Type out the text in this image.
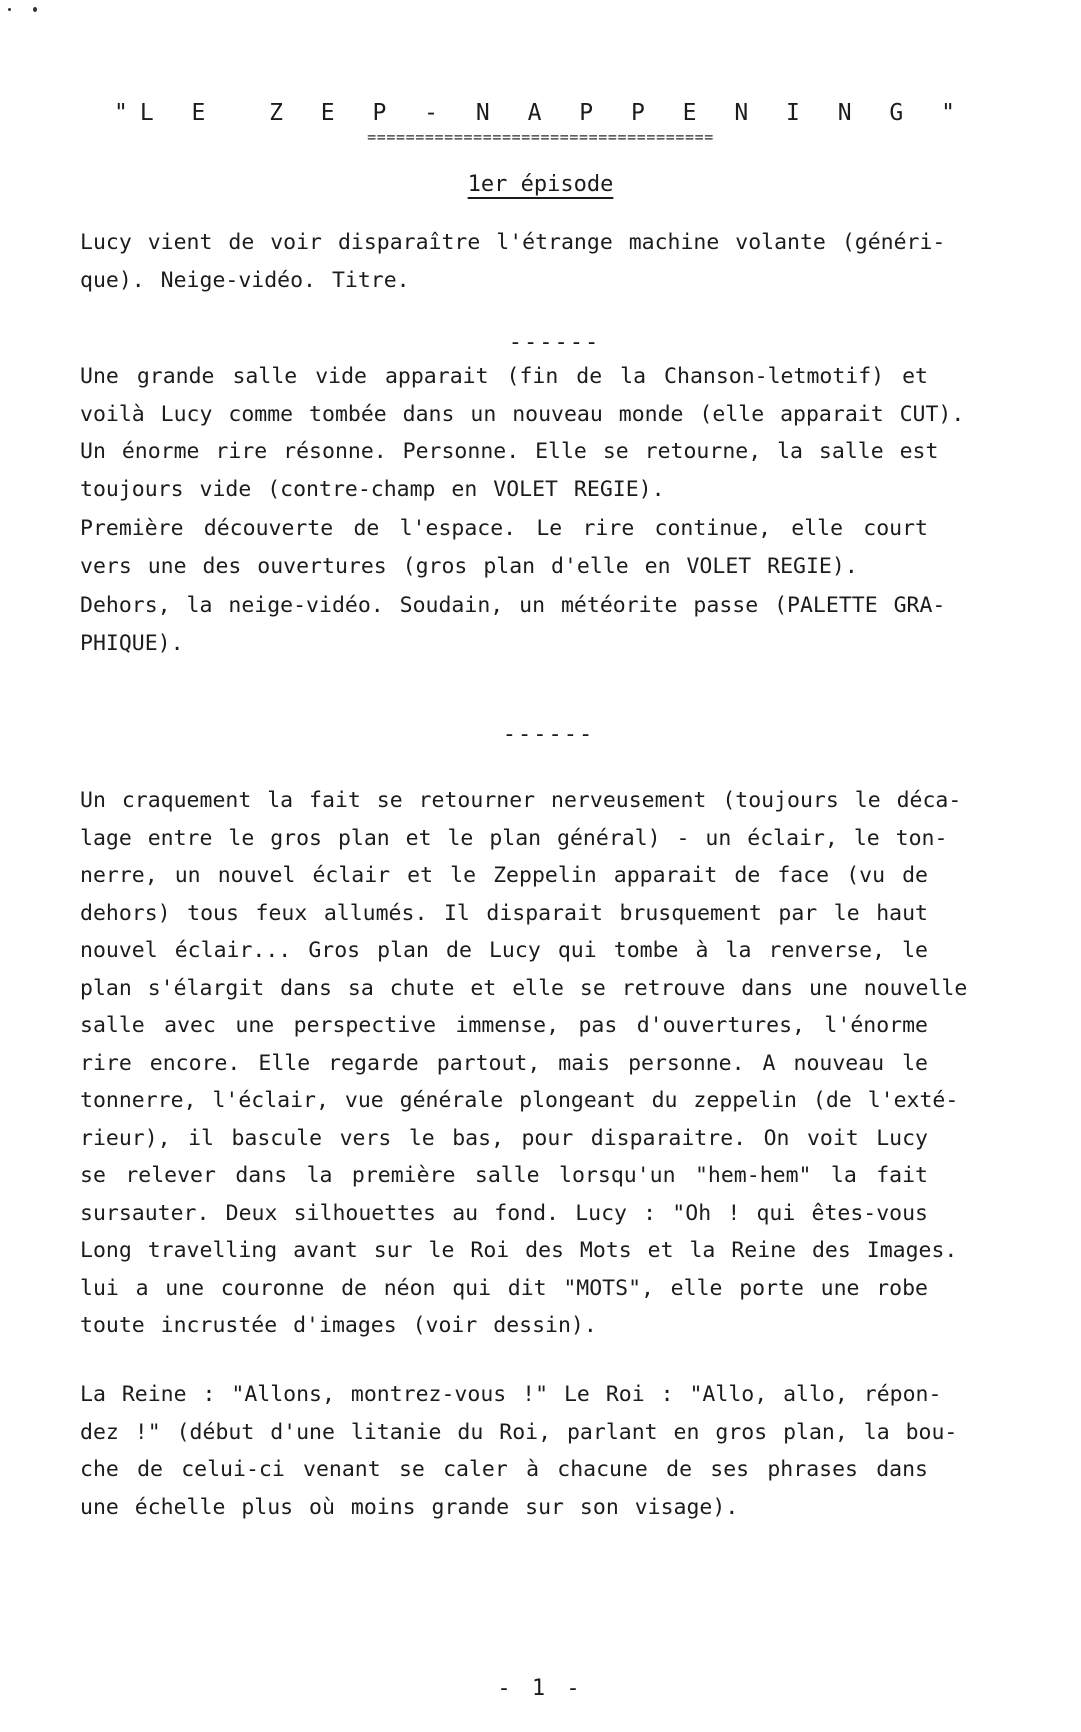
"L E  Z E P - N A P P E N I N G "
====================================
1er épisode
Lucy vient de voir disparaître l'étrange machine volante (généri-
que). Neige-vidéo. Titre.
------
Une grande salle vide apparait (fin de la Chanson-letmotif) et
voilà Lucy comme tombée dans un nouveau monde (elle apparait CUT).
Un énorme rire résonne. Personne. Elle se retourne, la salle est
toujours vide (contre-champ en VOLET REGIE).
Première découverte de l'espace. Le rire continue, elle court
vers une des ouvertures (gros plan d'elle en VOLET REGIE).
Dehors, la neige-vidéo. Soudain, un météorite passe (PALETTE GRA-
PHIQUE).
------
Un craquement la fait se retourner nerveusement (toujours le déca-
lage entre le gros plan et le plan général) - un éclair, le ton-
nerre, un nouvel éclair et le Zeppelin apparait de face (vu de
dehors) tous feux allumés. Il disparait brusquement par le haut
nouvel éclair... Gros plan de Lucy qui tombe à la renverse, le
plan s'élargit dans sa chute et elle se retrouve dans une nouvelle
salle avec une perspective immense, pas d'ouvertures, l'énorme
rire encore. Elle regarde partout, mais personne. A nouveau le
tonnerre, l'éclair, vue générale plongeant du zeppelin (de l'exté-
rieur), il bascule vers le bas, pour disparaitre. On voit Lucy
se relever dans la première salle lorsqu'un "hem-hem" la fait
sursauter. Deux silhouettes au fond. Lucy : "Oh ! qui êtes-vous
Long travelling avant sur le Roi des Mots et la Reine des Images.
lui a une couronne de néon qui dit "MOTS", elle porte une robe
toute incrustée d'images (voir dessin).
La Reine : "Allons, montrez-vous !" Le Roi : "Allo, allo, répon-
dez !" (début d'une litanie du Roi, parlant en gros plan, la bou-
che de celui-ci venant se caler à chacune de ses phrases dans
une échelle plus où moins grande sur son visage).
- 1 -
